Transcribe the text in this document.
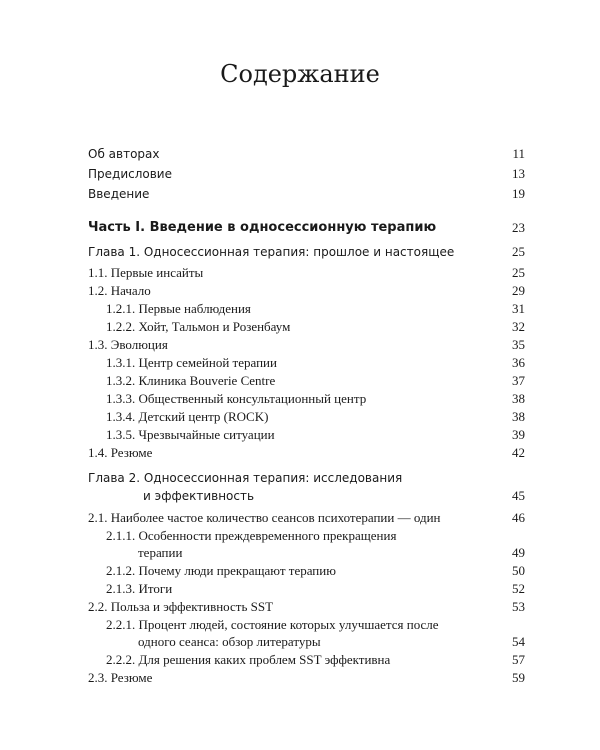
Содержание
Об авторах	11
Предисловие	13
Введение	19
Часть I. Введение в односессионную терапию	23
Глава 1. Односессионная терапия: прошлое и настоящее	25
1.1. Первые инсайты	25
1.2. Начало	29
1.2.1. Первые наблюдения	31
1.2.2. Хойт, Тальмон и Розенбаум	32
1.3. Эволюция	35
1.3.1. Центр семейной терапии	36
1.3.2. Клиника Bouverie Centre	37
1.3.3. Общественный консультационный центр	38
1.3.4. Детский центр (ROCK)	38
1.3.5. Чрезвычайные ситуации	39
1.4. Резюме	42
Глава 2. Односессионная терапия: исследования
и эффективность	45
2.1. Наиболее частое количество сеансов психотерапии — один	46
2.1.1. Особенности преждевременного прекращения
терапии	49
2.1.2. Почему люди прекращают терапию	50
2.1.3. Итоги	52
2.2. Польза и эффективность SST	53
2.2.1. Процент людей, состояние которых улучшается после
одного сеанса: обзор литературы	54
2.2.2. Для решения каких проблем SST эффективна	57
2.3. Резюме	59
